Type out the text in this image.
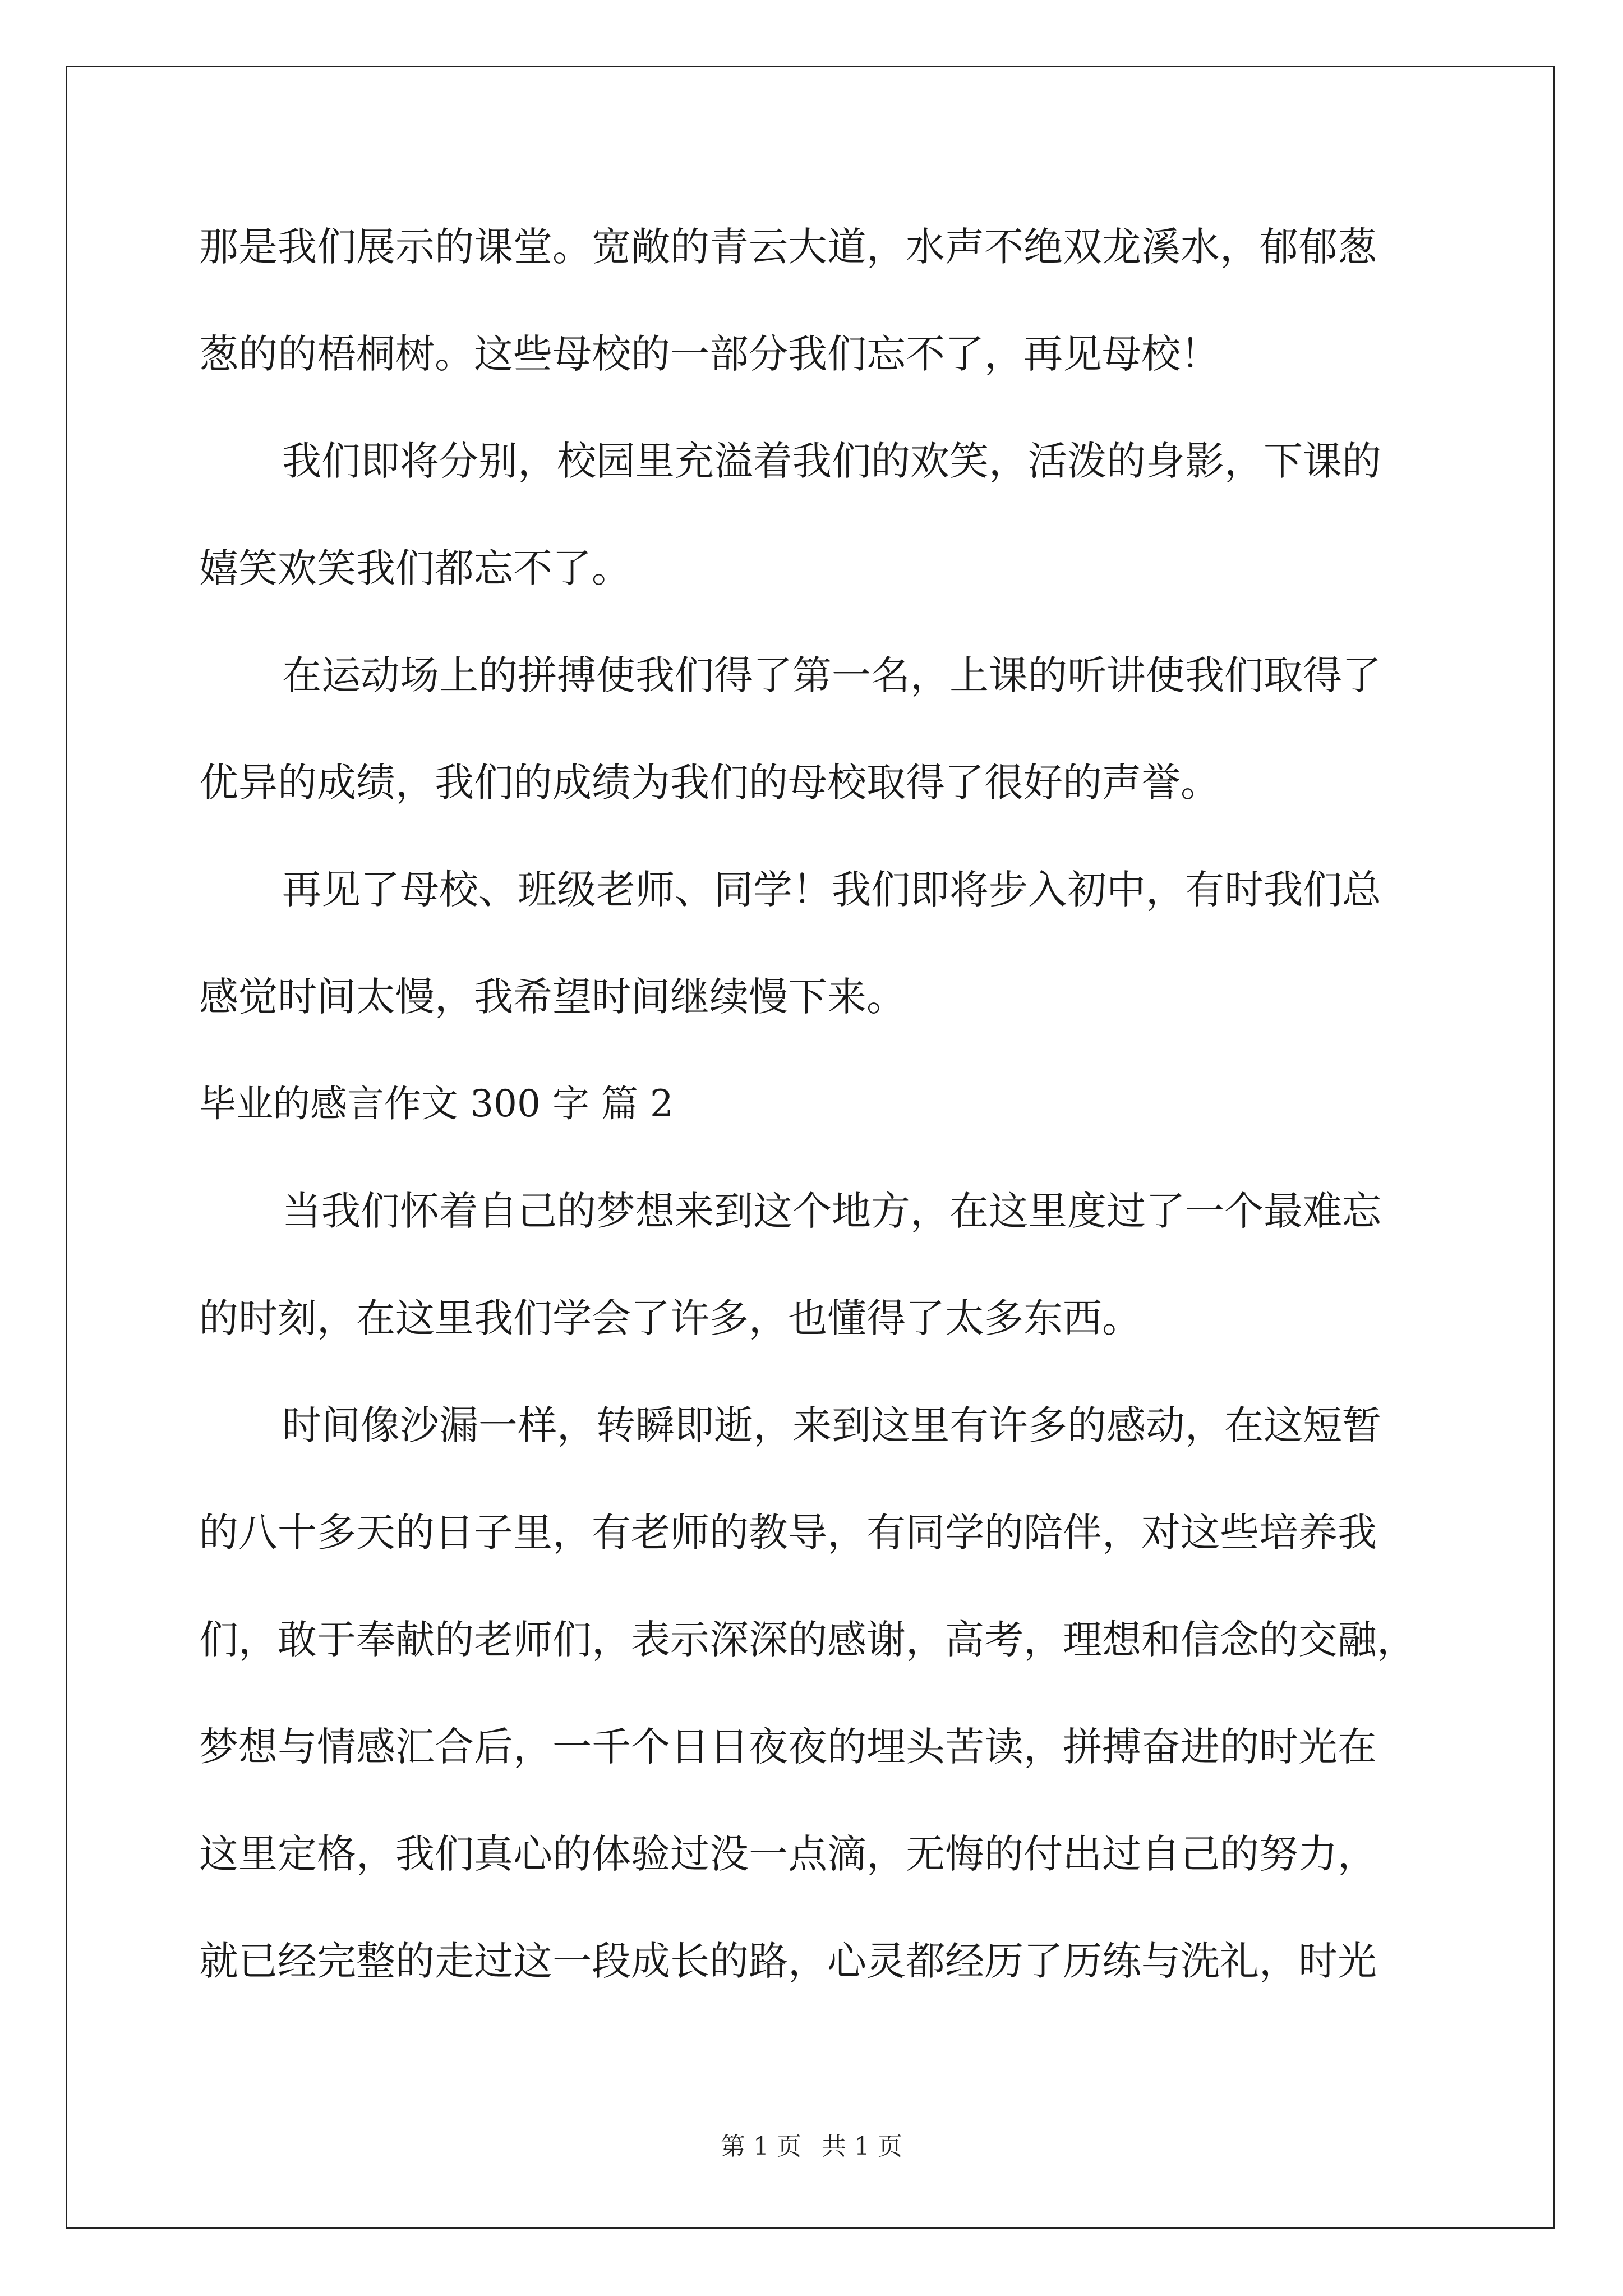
那是我们展示的课堂。宽敞的青云大道，水声不绝双龙溪水，郁郁葱
葱的的梧桐树。这些母校的一部分我们忘不了，再见母校！
我们即将分别，校园里充溢着我们的欢笑，活泼的身影，下课的
嬉笑欢笑我们都忘不了。
在运动场上的拼搏使我们得了第一名，上课的听讲使我们取得了
优异的成绩，我们的成绩为我们的母校取得了很好的声誉。
再见了母校、班级老师、同学！我们即将步入初中，有时我们总
感觉时间太慢，我希望时间继续慢下来。
毕业的感言作文 300 字 篇 2
当我们怀着自己的梦想来到这个地方，在这里度过了一个最难忘
的时刻，在这里我们学会了许多，也懂得了太多东西。
时间像沙漏一样，转瞬即逝，来到这里有许多的感动，在这短暂
的八十多天的日子里，有老师的教导，有同学的陪伴，对这些培养我
们，敢于奉献的老师们，表示深深的感谢，高考，理想和信念的交融，
梦想与情感汇合后，一千个日日夜夜的埋头苦读，拼搏奋进的时光在
这里定格，我们真心的体验过没一点滴，无悔的付出过自己的努力，
就已经完整的走过这一段成长的路，心灵都经历了历练与洗礼，时光
第 1 页 共 1 页
